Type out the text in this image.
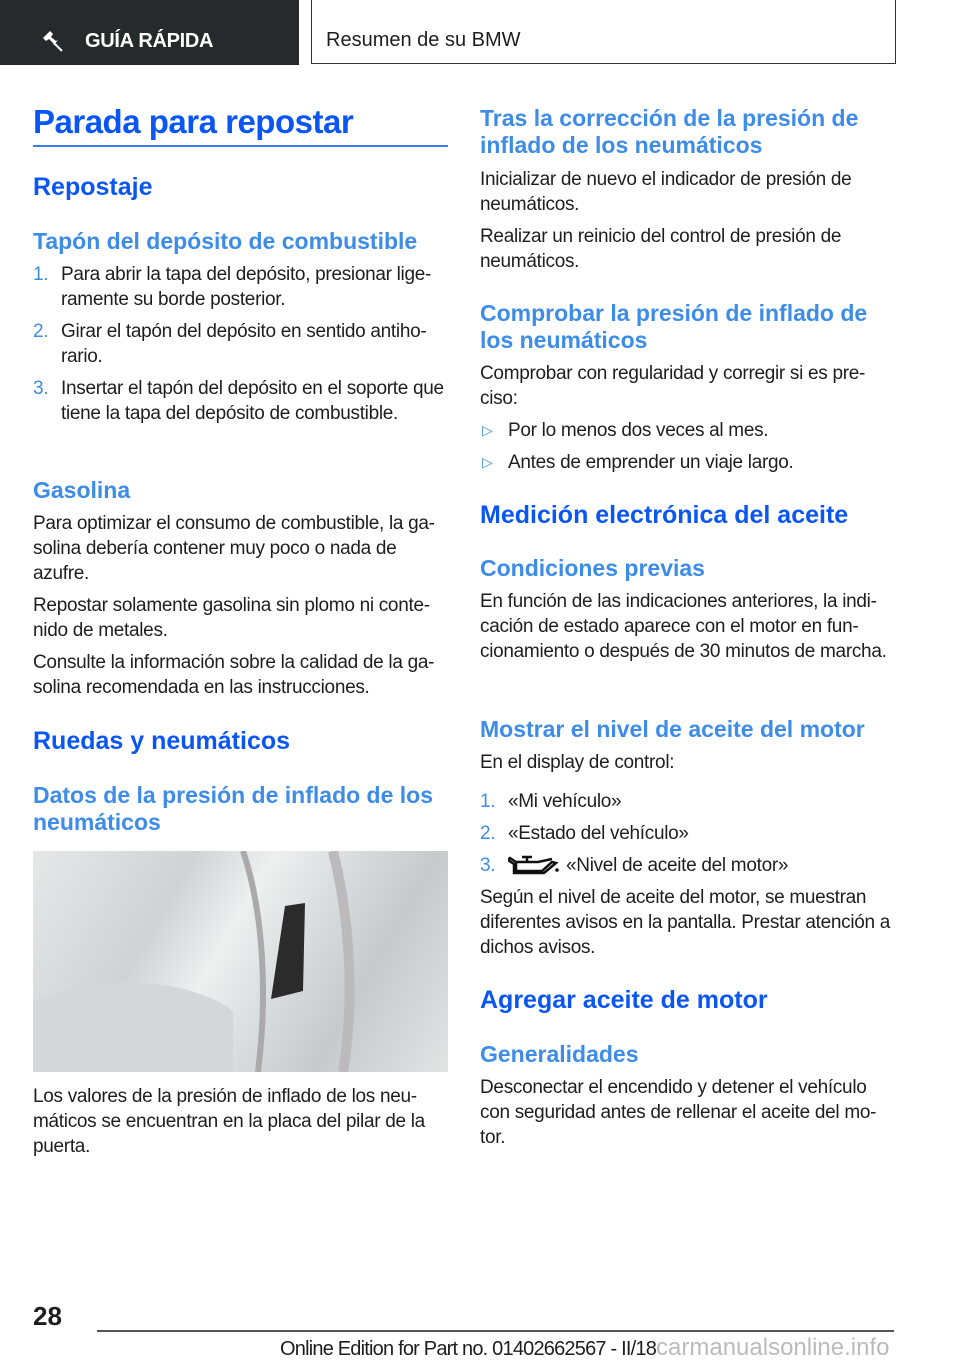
GUÍA RÁPIDA	Resumen de su BMW
Parada para repostar
Repostaje
Tapón del depósito de combustible
1. Para abrir la tapa del depósito, presionar ligeramente su borde posterior.
2. Girar el tapón del depósito en sentido antihorario.
3. Insertar el tapón del depósito en el soporte que tiene la tapa del depósito de combustible.
Gasolina
Para optimizar el consumo de combustible, la gasolina debería contener muy poco o nada de azufre.
Repostar solamente gasolina sin plomo ni contenido de metales.
Consulte la información sobre la calidad de la gasolina recomendada en las instrucciones.
Ruedas y neumáticos
Datos de la presión de inflado de los neumáticos
Los valores de la presión de inflado de los neumáticos se encuentran en la placa del pilar de la puerta.
Tras la corrección de la presión de inflado de los neumáticos
Inicializar de nuevo el indicador de presión de neumáticos.
Realizar un reinicio del control de presión de neumáticos.
Comprobar la presión de inflado de los neumáticos
Comprobar con regularidad y corregir si es preciso:
▷ Por lo menos dos veces al mes.
▷ Antes de emprender un viaje largo.
Medición electrónica del aceite
Condiciones previas
En función de las indicaciones anteriores, la indicación de estado aparece con el motor en funcionamiento o después de 30 minutos de marcha.
Mostrar el nivel de aceite del motor
En el display de control:
1. «Mi vehículo»
2. «Estado del vehículo»
3.	«Nivel de aceite del motor»
Según el nivel de aceite del motor, se muestran diferentes avisos en la pantalla. Prestar atención a dichos avisos.
Agregar aceite de motor
Generalidades
Desconectar el encendido y detener el vehículo con seguridad antes de rellenar el aceite del motor.
28
Online Edition for Part no. 01402662567 - II/18carmanualsonline.info
